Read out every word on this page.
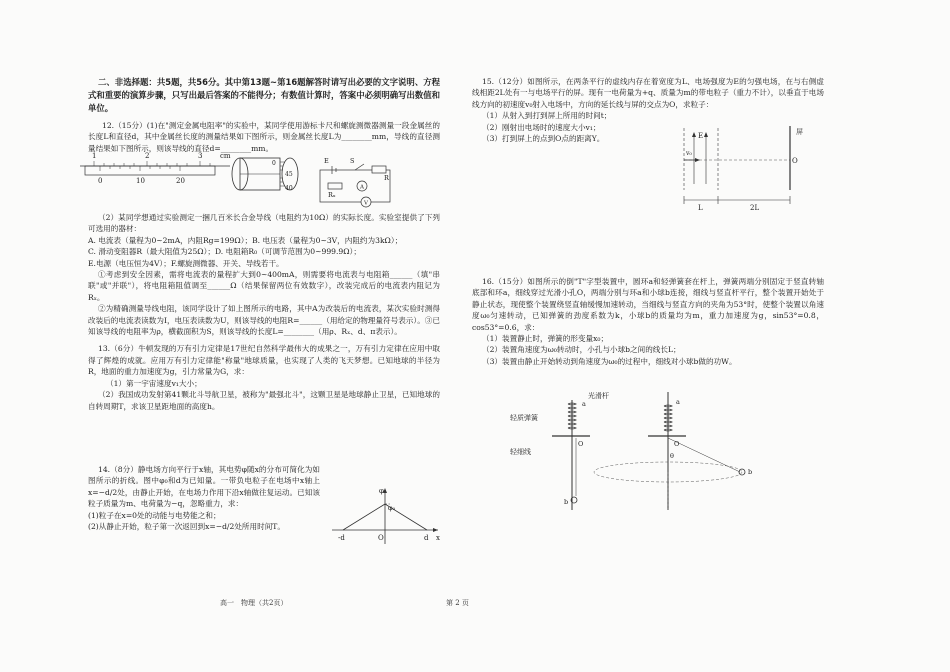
二、非选择题：共5题，共56分。其中第13题~第16题解答时请写出必要的文字说明、方程式和重要的演算步骤，只写出最后答案的不能得分；有数值计算时，答案中必须明确写出数值和单位。

12.（15分）(1)在"测定金属电阻率"的实验中，某同学使用游标卡尺和螺旋测微器测量一段金属丝的长度L和直径d，其中金属丝长度的测量结果如下图所示，则金属丝长度L为________mm，导线的直径测量结果如下图所示，则该导线的直径d=________mm。

1	2	3	cm
0	10	20
0
45
40
E	S
R
A
V
Rₓ

（2）某同学想通过实验测定一捆几百米长合金导线（电阻约为10Ω）的实际长度。实验室提供了下列可选用的器材：

A. 电流表（量程为0~2mA，内阻Rg=199Ω）；B. 电压表（量程为0~3V，内阻约为3kΩ）；

C. 滑动变阻器R（最大阻值为25Ω）；D. 电阻箱R₀（可调节范围为0~999.9Ω）；

E.电源（电压恒为4V）；F.螺旋测微器、开关、导线若干。

①考虑到安全因素，需将电流表的量程扩大到0~400mA，则需要将电流表与电阻箱______（填"串联"或"并联"），将电阻箱阻值调至______Ω（结果保留两位有效数字），改装完成后的电流表内阻记为Rₓ。

②为精确测量导线电阻，该同学设计了如上图所示的电路，其中A为改装后的电流表，某次实验时测得改装后的电流表读数为I，电压表读数为U，则该导线的电阻R=______（用给定的物理量符号表示）。③已知该导线的电阻率为ρ，横截面积为S，则该导线的长度L=________（用ρ、Rₓ、d、π表示）。

13.（6分）牛顿发现的万有引力定律是17世纪自然科学最伟大的成果之一，万有引力定律在应用中取得了辉煌的成就。应用万有引力定律能"称量"地球质量，也实现了人类的飞天梦想。已知地球的半径为R，地面的重力加速度为g，引力常量为G，求：

（1）第一宇宙速度v₁大小；

（2）我国成功发射第41颗北斗导航卫星，被称为"最强北斗"，这颗卫星是地球静止卫星，已知地球的自转周期T，求该卫星距地面的高度h。

14.（8分）静电场方向平行于x轴，其电势φ随x的分布可简化为如图所示的折线。图中φ₀和d为已知量。一带负电粒子在电场中x轴上x=−d/2处，由静止开始，在电场力作用下沿x轴做往复运动。已知该粒子质量为m、电荷量为−q，忽略重力，求：

(1)粒子在x=0处的动能与电势能之和；

(2)从静止开始，粒子第一次返回到x=−d/2处所用时间T。

φ
φ₀
O
-d	d x

15.（12分）如图所示，在两条平行的虚线内存在着宽度为L、电场强度为E的匀强电场，在与右侧虚线相距2L处有一与电场平行的屏。现有一电荷量为+q、质量为m的带电粒子（重力不计），以垂直于电场线方向的初速度v₀射入电场中，方向的延长线与屏的交点为O，求粒子：

（1）从射入到打到屏上所用的时间t；

（2）刚射出电场时的速度大小v₁；

（3）打到屏上的点到O点的距离Y。

屏
E
v₀
O
L	2L

16.（15分）如图所示的倒"T"字型装置中，圆环a和轻弹簧套在杆上，弹簧两端分别固定于竖直转轴底部和环a，细线穿过光滑小孔O，两端分别与环a和小球b连接，细线与竖直杆平行，整个装置开始处于静止状态，现使整个装置绕竖直轴缓慢加速转动，当细线与竖直方向的夹角为53°时，使整个装置以角速度ω₀匀速转动，已知弹簧的劲度系数为k，小球b的质量均为m，重力加速度为g，sin53°=0.8，cos53°=0.6，求：

（1）装置静止时，弹簧的形变量x₀；

（2）装置角速度为ω₀转动时，小孔与小球b之间的线长L；

（3）装置由静止开始转动到角速度为ω₀的过程中，细线对小球b做的功W。

光滑杆
轻质弹簧
轻细线
a	a
O	O
θ
b
b
高一　物理（共2页）	第 2 页
